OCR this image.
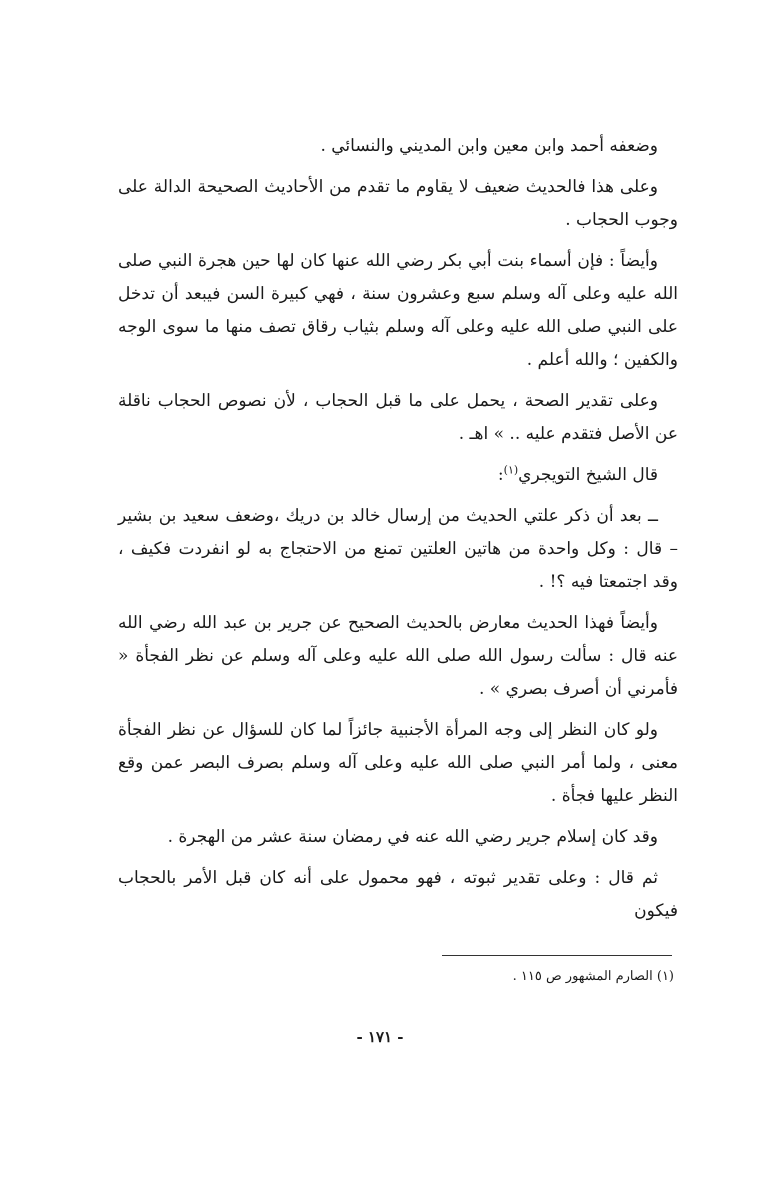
وضعفه أحمد وابن معين وابن المديني والنسائي .

وعلى هذا فالحديث ضعيف لا يقاوم ما تقدم من الأحاديث الصحيحة الدالة على وجوب الحجاب .

وأيضاً : فإن أسماء بنت أبي بكر رضي الله عنها كان لها حين هجرة النبي صلى الله عليه وعلى آله وسلم سبع وعشرون سنة ، فهي كبيرة السن فيبعد أن تدخل على النبي صلى الله عليه وعلى آله وسلم بثياب رقاق تصف منها ما سوى الوجه والكفين ؛ والله أعلم .

وعلى تقدير الصحة ، يحمل على ما قبل الحجاب ، لأن نصوص الحجاب ناقلة عن الأصل فتقدم عليه .. » اهـ .

قال الشيخ التويجري$^{(١)}$:

ــ بعد أن ذكر علتي الحديث من إرسال خالد بن دريك ،وضعف سعيد بن بشير – قال : وكل واحدة من هاتين العلتين تمنع من الاحتجاج به لو انفردت فكيف ، وقد اجتمعتا فيه ؟! .

وأيضاً فهذا الحديث معارض بالحديث الصحيح عن جرير بن عبد الله رضي الله عنه قال : سألت رسول الله صلى الله عليه وعلى آله وسلم عن نظر الفجأة « فأمرني أن أصرف بصري » .

ولو كان النظر إلى وجه المرأة الأجنبية جائزاً لما كان للسؤال عن نظر الفجأة معنى ، ولما أمر النبي صلى الله عليه وعلى آله وسلم بصرف البصر عمن وقع النظر عليها فجأة .

وقد كان إسلام جرير رضي الله عنه في رمضان سنة عشر من الهجرة .

ثم قال : وعلى تقدير ثبوته ، فهو محمول على أنه كان قبل الأمر بالحجاب فيكون

(١) الصارم المشهور ص ١١٥ .
- ١٧١ -
